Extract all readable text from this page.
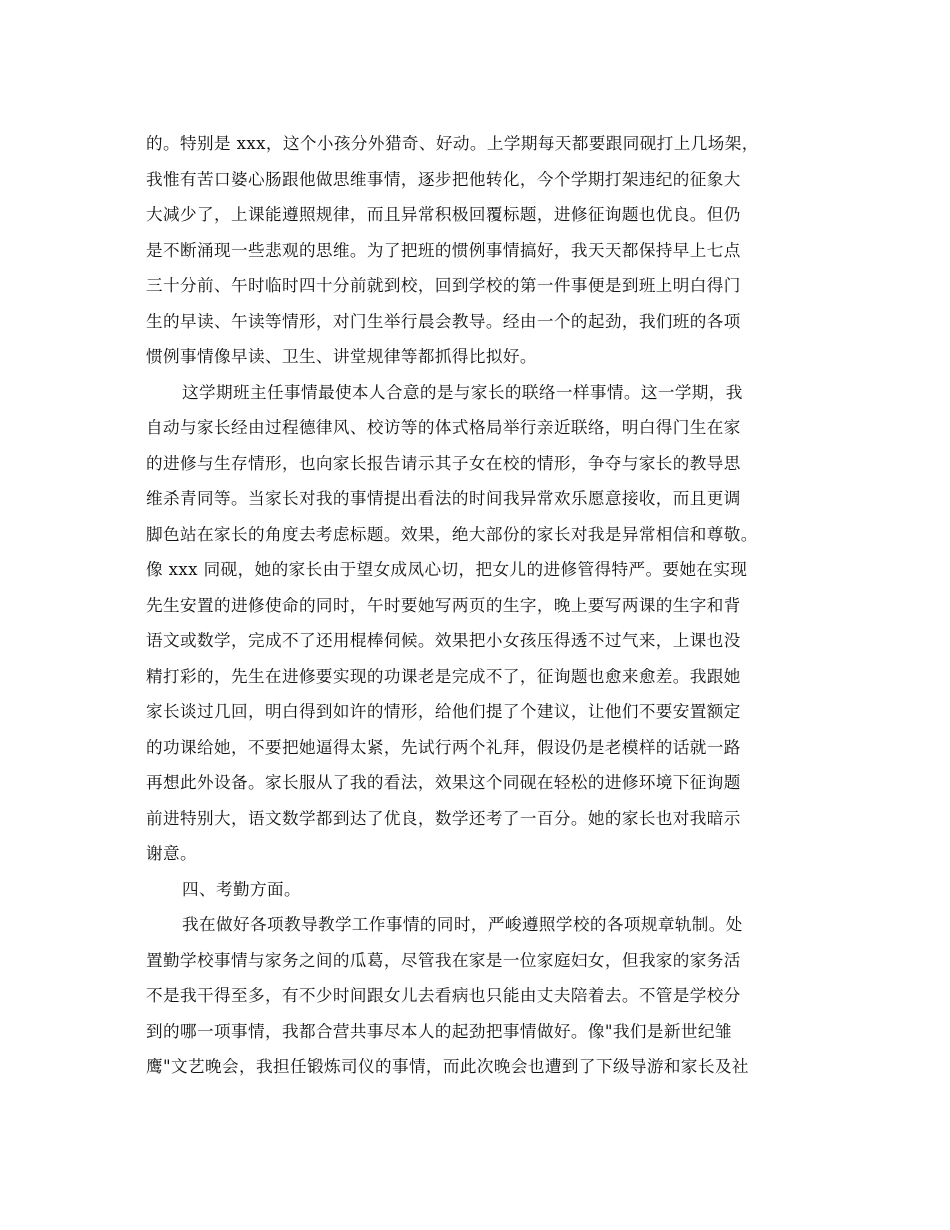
的。特别是 xxx，这个小孩分外猎奇、好动。上学期每天都要跟同砚打上几场架，
我惟有苦口婆心肠跟他做思维事情，逐步把他转化，今个学期打架违纪的征象大
大减少了，上课能遵照规律，而且异常积极回覆标题，进修征询题也优良。但仍
是不断涌现一些悲观的思维。为了把班的惯例事情搞好，我天天都保持早上七点
三十分前、午时临时四十分前就到校，回到学校的第一件事便是到班上明白得门
生的早读、午读等情形，对门生举行晨会教导。经由一个的起劲，我们班的各项
惯例事情像早读、卫生、讲堂规律等都抓得比拟好。
这学期班主任事情最使本人合意的是与家长的联络一样事情。这一学期，我
自动与家长经由过程德律风、校访等的体式格局举行亲近联络，明白得门生在家
的进修与生存情形，也向家长报告请示其子女在校的情形，争夺与家长的教导思
维杀青同等。当家长对我的事情提出看法的时间我异常欢乐愿意接收，而且更调
脚色站在家长的角度去考虑标题。效果，绝大部份的家长对我是异常相信和尊敬。
像 xxx 同砚，她的家长由于望女成凤心切，把女儿的进修管得特严。要她在实现
先生安置的进修使命的同时，午时要她写两页的生字，晚上要写两课的生字和背
语文或数学，完成不了还用棍棒伺候。效果把小女孩压得透不过气来，上课也没
精打彩的，先生在进修要实现的功课老是完成不了，征询题也愈来愈差。我跟她
家长谈过几回，明白得到如许的情形，给他们提了个建议，让他们不要安置额定
的功课给她，不要把她逼得太紧，先试行两个礼拜，假设仍是老模样的话就一路
再想此外设备。家长服从了我的看法，效果这个同砚在轻松的进修环境下征询题
前进特别大，语文数学都到达了优良，数学还考了一百分。她的家长也对我暗示
谢意。
四、考勤方面。
我在做好各项教导教学工作事情的同时，严峻遵照学校的各项规章轨制。处
置勤学校事情与家务之间的瓜葛，尽管我在家是一位家庭妇女，但我家的家务活
不是我干得至多，有不少时间跟女儿去看病也只能由丈夫陪着去。不管是学校分
到的哪一项事情，我都合营共事尽本人的起劲把事情做好。像"我们是新世纪雏
鹰"文艺晚会，我担任锻炼司仪的事情，而此次晚会也遭到了下级导游和家长及社
